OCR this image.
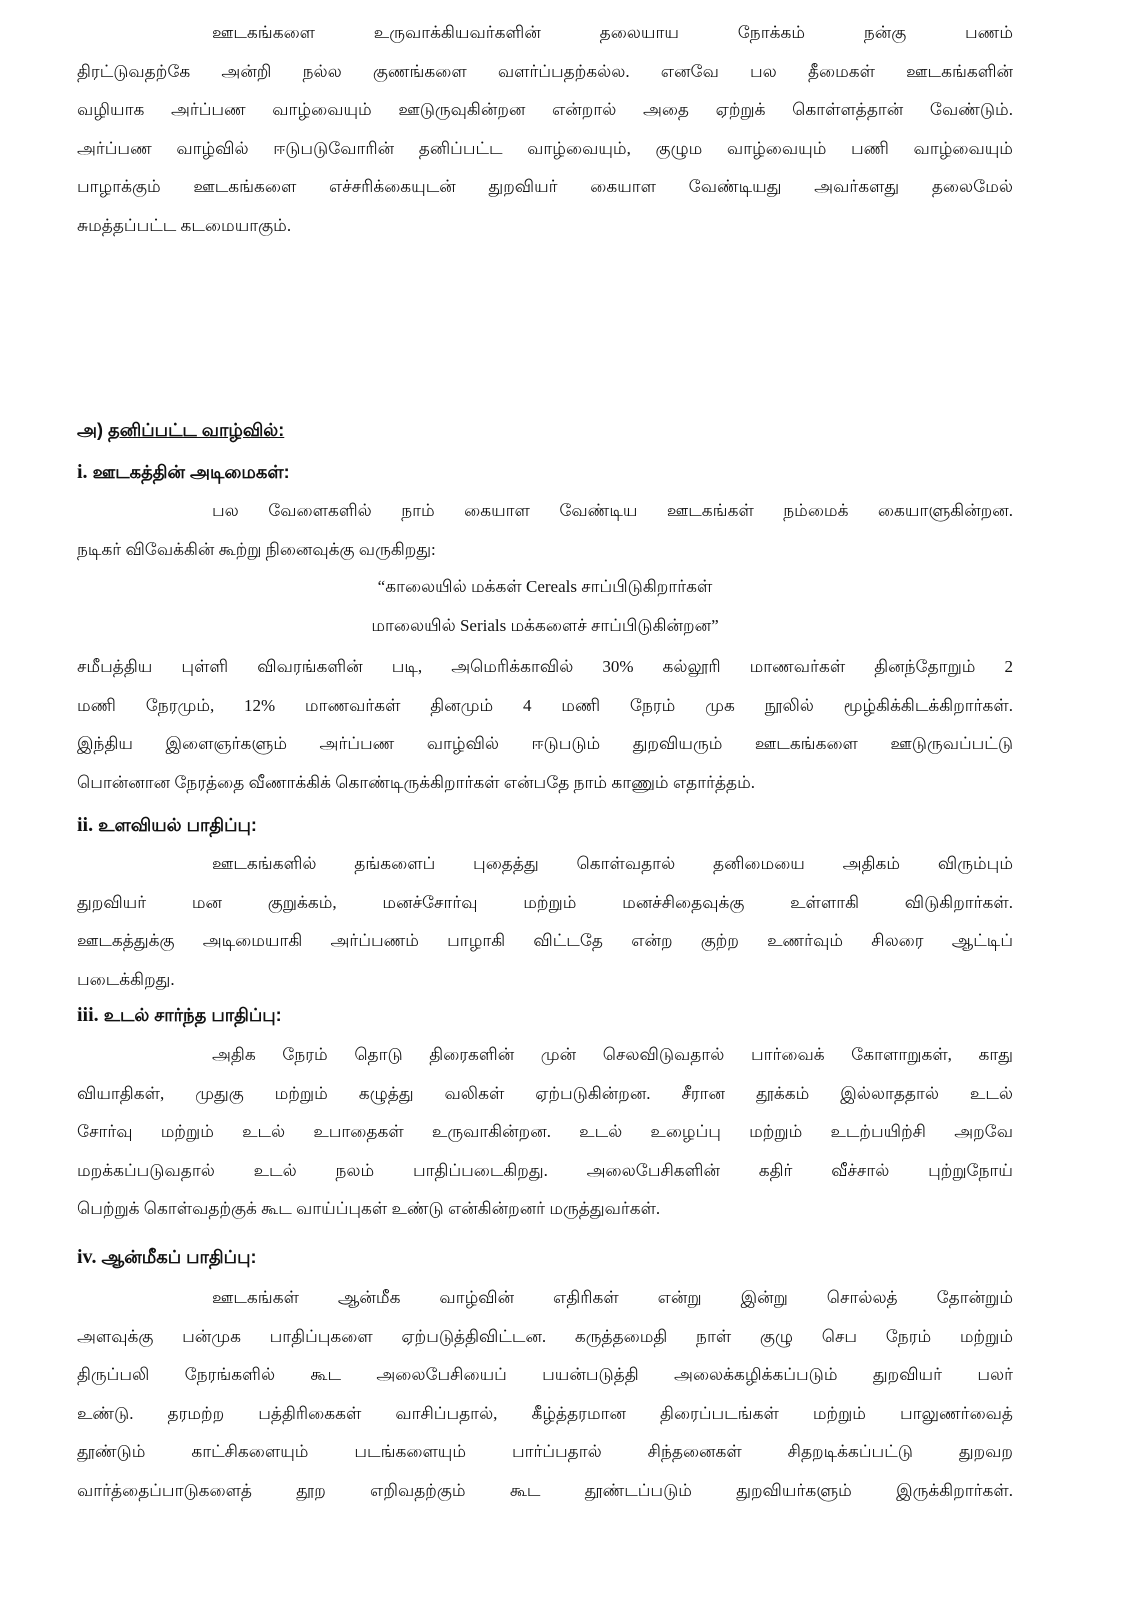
ஊடகங்களை உருவாக்கியவர்களின் தலையாய நோக்கம் நன்கு பணம்
திரட்டுவதற்கே அன்றி நல்ல குணங்களை வளர்ப்பதற்கல்ல. எனவே பல தீமைகள் ஊடகங்களின்
வழியாக அர்ப்பண வாழ்வையும் ஊடுருவுகின்றன என்றால் அதை ஏற்றுக் கொள்ளத்தான் வேண்டும்.
அர்ப்பண வாழ்வில் ஈடுபடுவோரின் தனிப்பட்ட வாழ்வையும், குழும வாழ்வையும் பணி வாழ்வையும்
பாழாக்கும் ஊடகங்களை எச்சரிக்கையுடன் துறவியர் கையாள வேண்டியது அவர்களது தலைமேல்
சுமத்தப்பட்ட கடமையாகும்.
அ) தனிப்பட்ட வாழ்வில்:
i. ஊடகத்தின் அடிமைகள்:
பல வேளைகளில் நாம் கையாள வேண்டிய ஊடகங்கள் நம்மைக் கையாளுகின்றன.
நடிகர் விவேக்கின் கூற்று நினைவுக்கு வருகிறது:
“காலையில் மக்கள் Cereals சாப்பிடுகிறார்கள்
மாலையில் Serials மக்களைச் சாப்பிடுகின்றன”
சமீபத்திய புள்ளி விவரங்களின் படி, அமெரிக்காவில் 30% கல்லூரி மாணவர்கள் தினந்தோறும் 2
மணி நேரமும், 12% மாணவர்கள் தினமும் 4 மணி நேரம் முக நூலில் மூழ்கிக்கிடக்கிறார்கள்.
இந்திய இளைஞர்களும் அர்ப்பண வாழ்வில் ஈடுபடும் துறவியரும் ஊடகங்களை ஊடுருவப்பட்டு
பொன்னான நேரத்தை வீணாக்கிக் கொண்டிருக்கிறார்கள் என்பதே நாம் காணும் எதார்த்தம்.
ii. உளவியல் பாதிப்பு:
ஊடகங்களில் தங்களைப் புதைத்து கொள்வதால் தனிமையை அதிகம் விரும்பும்
துறவியர் மன குறுக்கம், மனச்சோர்வு மற்றும் மனச்சிதைவுக்கு உள்ளாகி விடுகிறார்கள்.
ஊடகத்துக்கு அடிமையாகி அர்ப்பணம் பாழாகி விட்டதே என்ற குற்ற உணர்வும் சிலரை ஆட்டிப்
படைக்கிறது.
iii. உடல் சார்ந்த பாதிப்பு:
அதிக நேரம் தொடு திரைகளின் முன் செலவிடுவதால் பார்வைக் கோளாறுகள், காது
வியாதிகள், முதுகு மற்றும் கழுத்து வலிகள் ஏற்படுகின்றன. சீரான தூக்கம் இல்லாததால் உடல்
சோர்வு மற்றும் உடல் உபாதைகள் உருவாகின்றன. உடல் உழைப்பு மற்றும் உடற்பயிற்சி அறவே
மறக்கப்படுவதால் உடல் நலம் பாதிப்படைகிறது. அலைபேசிகளின் கதிர் வீச்சால் புற்றுநோய்
பெற்றுக் கொள்வதற்குக் கூட வாய்ப்புகள் உண்டு என்கின்றனர் மருத்துவர்கள்.
iv. ஆன்மீகப் பாதிப்பு:
ஊடகங்கள் ஆன்மீக வாழ்வின் எதிரிகள் என்று இன்று சொல்லத் தோன்றும்
அளவுக்கு பன்முக பாதிப்புகளை ஏற்படுத்திவிட்டன. கருத்தமைதி நாள் குழு செப நேரம் மற்றும்
திருப்பலி நேரங்களில் கூட அலைபேசியைப் பயன்படுத்தி அலைக்கழிக்கப்படும் துறவியர் பலர்
உண்டு. தரமற்ற பத்திரிகைகள் வாசிப்பதால், கீழ்த்தரமான திரைப்படங்கள் மற்றும் பாலுணர்வைத்
தூண்டும் காட்சிகளையும் படங்களையும் பார்ப்பதால் சிந்தனைகள் சிதறடிக்கப்பட்டு துறவற
வார்த்தைப்பாடுகளைத் தூற எறிவதற்கும் கூட தூண்டப்படும் துறவியர்களும் இருக்கிறார்கள்.
